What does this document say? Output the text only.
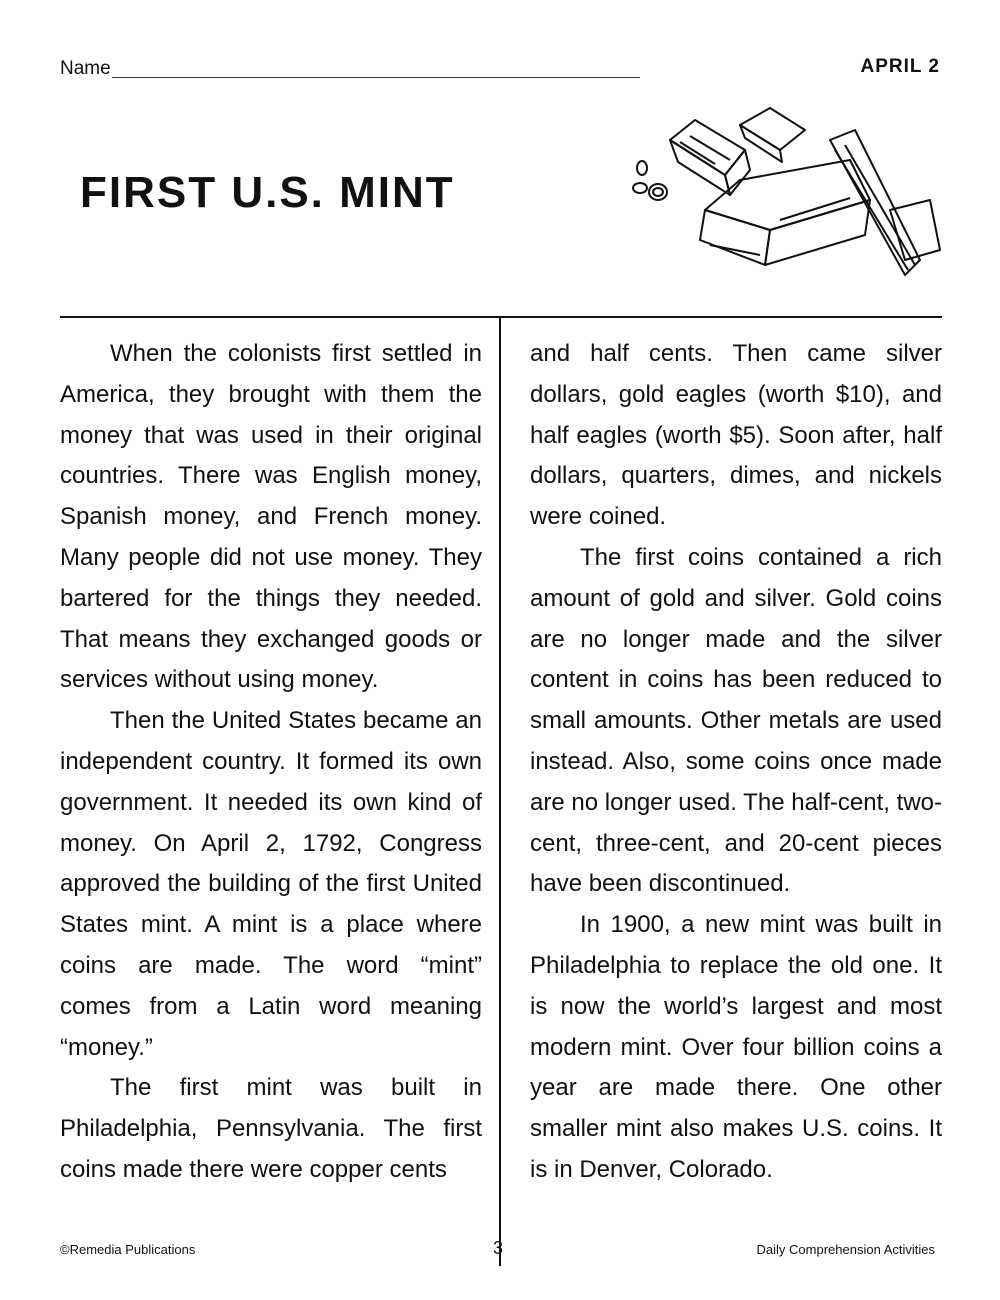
Name	APRIL 2
FIRST U.S. MINT

When the colonists first settled in America, they brought with them the money that was used in their original countries. There was English money, Spanish money, and French money. Many people did not use money. They bartered for the things they needed. That means they exchanged goods or services without using money.

Then the United States became an independent country. It formed its own government. It needed its own kind of money. On April 2, 1792, Congress approved the building of the first United States mint. A mint is a place where coins are made. The word “mint” comes from a Latin word meaning “money.”

The first mint was built in Philadelphia, Pennsylvania. The first coins made there were copper cents

and half cents. Then came silver dollars, gold eagles (worth $10), and half eagles (worth $5). Soon after, half dollars, quarters, dimes, and nickels were coined.

The first coins contained a rich amount of gold and silver. Gold coins are no longer made and the silver content in coins has been reduced to small amounts. Other metals are used instead. Also, some coins once made are no longer used. The half-cent, two-cent, three-cent, and 20-cent pieces have been discontinued.

In 1900, a new mint was built in Philadelphia to replace the old one. It is now the world’s largest and most modern mint. Over four billion coins a year are made there. One other smaller mint also makes U.S. coins. It is in Denver, Colorado.

©Remedia Publications	3	Daily Comprehension Activities
